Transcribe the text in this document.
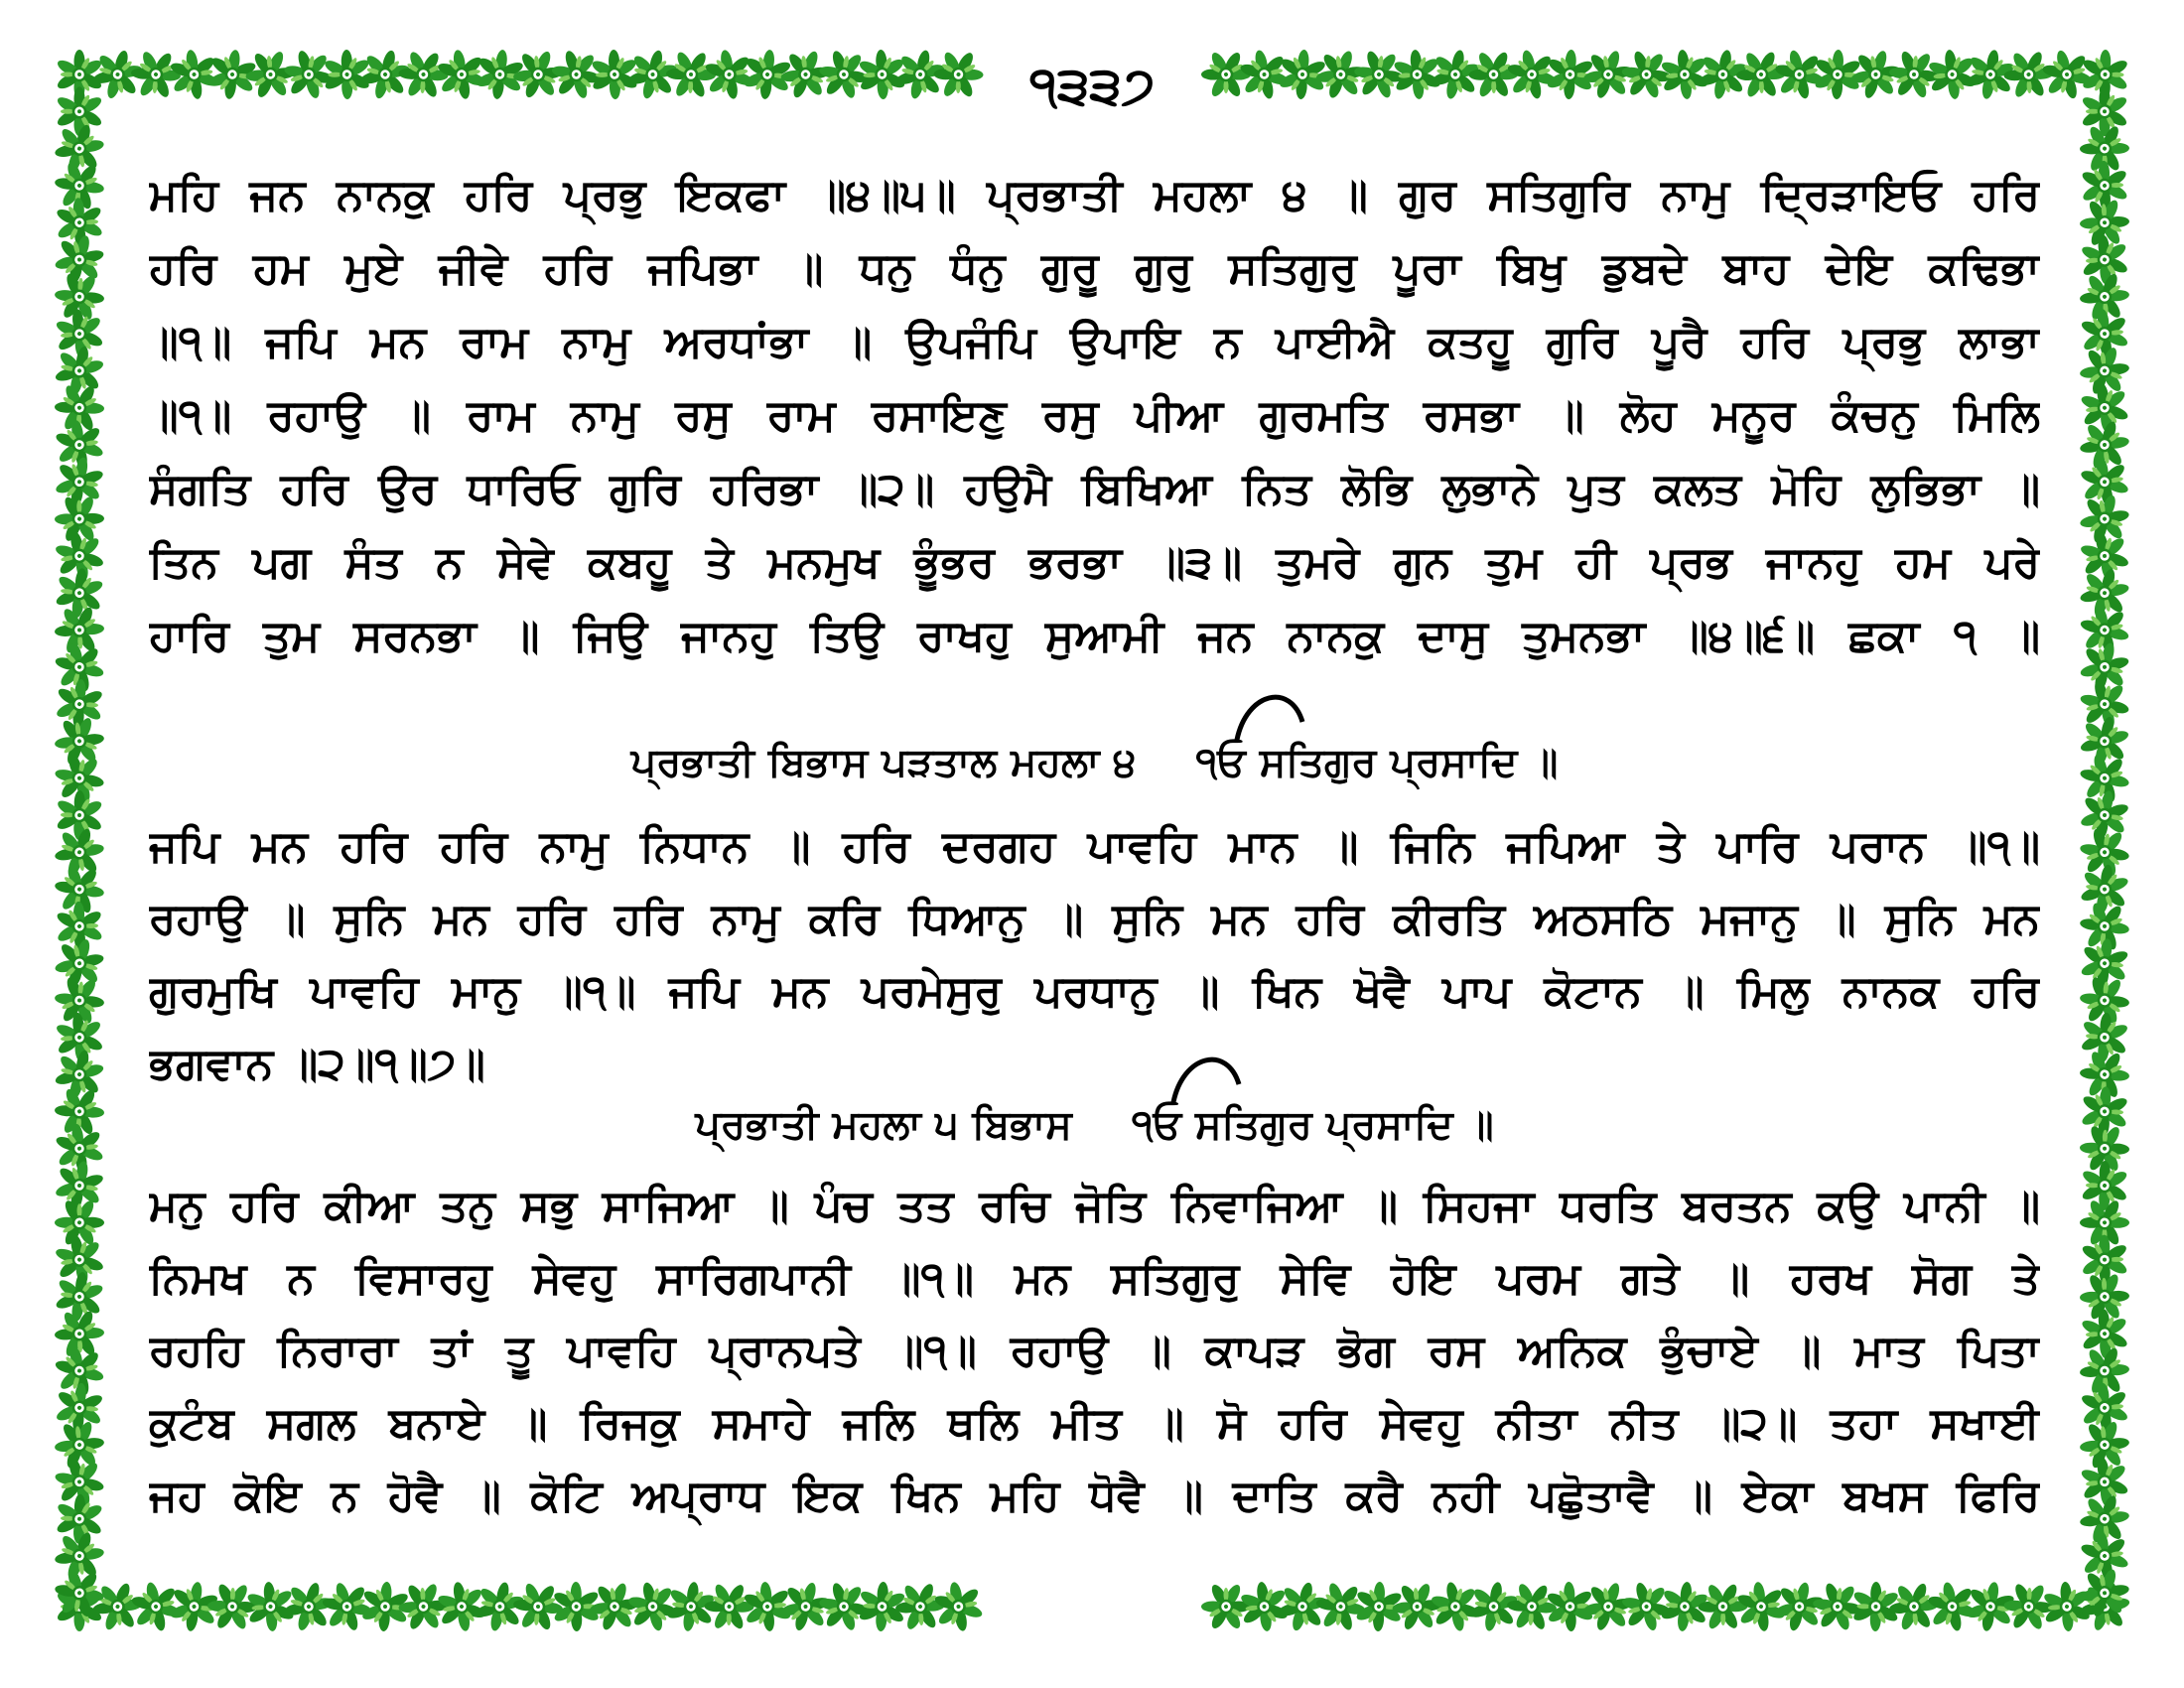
੧੩੩੭
ਮਹਿ ਜਨ ਨਾਨਕੁ ਹਰਿ ਪ੍ਰਭੁ ਇਕਫਾ ॥੪॥੫॥ ਪ੍ਰਭਾਤੀ ਮਹਲਾ ੪ ॥ ਗੁਰ ਸਤਿਗੁਰਿ ਨਾਮੁ ਦ੍ਰਿੜਾਇਓ ਹਰਿ
ਹਰਿ ਹਮ ਮੁਏ ਜੀਵੇ ਹਰਿ ਜਪਿਭਾ ॥ ਧਨੁ ਧੰਨੁ ਗੁਰੂ ਗੁਰੁ ਸਤਿਗੁਰੁ ਪੂਰਾ ਬਿਖੁ ਡੁਬਦੇ ਬਾਹ ਦੇਇ ਕਢਿਭਾ
॥੧॥ ਜਪਿ ਮਨ ਰਾਮ ਨਾਮੁ ਅਰਧਾਂਭਾ ॥ ਉਪਜੰਪਿ ਉਪਾਇ ਨ ਪਾਈਐ ਕਤਹੂ ਗੁਰਿ ਪੂਰੈ ਹਰਿ ਪ੍ਰਭੁ ਲਾਭਾ
॥੧॥ ਰਹਾਉ ॥ ਰਾਮ ਨਾਮੁ ਰਸੁ ਰਾਮ ਰਸਾਇਣੁ ਰਸੁ ਪੀਆ ਗੁਰਮਤਿ ਰਸਭਾ ॥ ਲੋਹ ਮਨੂਰ ਕੰਚਨੁ ਮਿਲਿ
ਸੰਗਤਿ ਹਰਿ ਉਰ ਧਾਰਿਓ ਗੁਰਿ ਹਰਿਭਾ ॥੨॥ ਹਉਮੈ ਬਿਖਿਆ ਨਿਤ ਲੋਭਿ ਲੁਭਾਨੇ ਪੁਤ ਕਲਤ ਮੋਹਿ ਲੁਭਿਭਾ ॥
ਤਿਨ ਪਗ ਸੰਤ ਨ ਸੇਵੇ ਕਬਹੂ ਤੇ ਮਨਮੁਖ ਭੂੰਭਰ ਭਰਭਾ ॥੩॥ ਤੁਮਰੇ ਗੁਨ ਤੁਮ ਹੀ ਪ੍ਰਭ ਜਾਨਹੁ ਹਮ ਪਰੇ
ਹਾਰਿ ਤੁਮ ਸਰਨਭਾ ॥ ਜਿਉ ਜਾਨਹੁ ਤਿਉ ਰਾਖਹੁ ਸੁਆਮੀ ਜਨ ਨਾਨਕੁ ਦਾਸੁ ਤੁਮਨਭਾ ॥੪॥੬॥ ਛਕਾ ੧ ॥
ਪ੍ਰਭਾਤੀ ਬਿਭਾਸ ਪੜਤਾਲ ਮਹਲਾ ੪ ੧ਓ ਸਤਿਗੁਰ ਪ੍ਰਸਾਦਿ ॥
ਜਪਿ ਮਨ ਹਰਿ ਹਰਿ ਨਾਮੁ ਨਿਧਾਨ ॥ ਹਰਿ ਦਰਗਹ ਪਾਵਹਿ ਮਾਨ ॥ ਜਿਨਿ ਜਪਿਆ ਤੇ ਪਾਰਿ ਪਰਾਨ ॥੧॥
ਰਹਾਉ ॥ ਸੁਨਿ ਮਨ ਹਰਿ ਹਰਿ ਨਾਮੁ ਕਰਿ ਧਿਆਨੁ ॥ ਸੁਨਿ ਮਨ ਹਰਿ ਕੀਰਤਿ ਅਠਸਠਿ ਮਜਾਨੁ ॥ ਸੁਨਿ ਮਨ
ਗੁਰਮੁਖਿ ਪਾਵਹਿ ਮਾਨੁ ॥੧॥ ਜਪਿ ਮਨ ਪਰਮੇਸੁਰੁ ਪਰਧਾਨੁ ॥ ਖਿਨ ਖੋਵੈ ਪਾਪ ਕੋਟਾਨ ॥ ਮਿਲੁ ਨਾਨਕ ਹਰਿ
ਭਗਵਾਨ ॥੨॥੧॥੭॥
ਪ੍ਰਭਾਤੀ ਮਹਲਾ ੫ ਬਿਭਾਸ ੧ਓ ਸਤਿਗੁਰ ਪ੍ਰਸਾਦਿ ॥
ਮਨੁ ਹਰਿ ਕੀਆ ਤਨੁ ਸਭੁ ਸਾਜਿਆ ॥ ਪੰਚ ਤਤ ਰਚਿ ਜੋਤਿ ਨਿਵਾਜਿਆ ॥ ਸਿਹਜਾ ਧਰਤਿ ਬਰਤਨ ਕਉ ਪਾਨੀ ॥
ਨਿਮਖ ਨ ਵਿਸਾਰਹੁ ਸੇਵਹੁ ਸਾਰਿਗਪਾਨੀ ॥੧॥ ਮਨ ਸਤਿਗੁਰੁ ਸੇਵਿ ਹੋਇ ਪਰਮ ਗਤੇ ॥ ਹਰਖ ਸੋਗ ਤੇ
ਰਹਹਿ ਨਿਰਾਰਾ ਤਾਂ ਤੂ ਪਾਵਹਿ ਪ੍ਰਾਨਪਤੇ ॥੧॥ ਰਹਾਉ ॥ ਕਾਪੜ ਭੋਗ ਰਸ ਅਨਿਕ ਭੁੰਚਾਏ ॥ ਮਾਤ ਪਿਤਾ
ਕੁਟੰਬ ਸਗਲ ਬਨਾਏ ॥ ਰਿਜਕੁ ਸਮਾਹੇ ਜਲਿ ਥਲਿ ਮੀਤ ॥ ਸੋ ਹਰਿ ਸੇਵਹੁ ਨੀਤਾ ਨੀਤ ॥੨॥ ਤਹਾ ਸਖਾਈ
ਜਹ ਕੋਇ ਨ ਹੋਵੈ ॥ ਕੋਟਿ ਅਪ੍ਰਾਧ ਇਕ ਖਿਨ ਮਹਿ ਧੋਵੈ ॥ ਦਾਤਿ ਕਰੈ ਨਹੀ ਪਛੋੁਤਾਵੈ ॥ ਏਕਾ ਬਖਸ ਫਿਰਿ
